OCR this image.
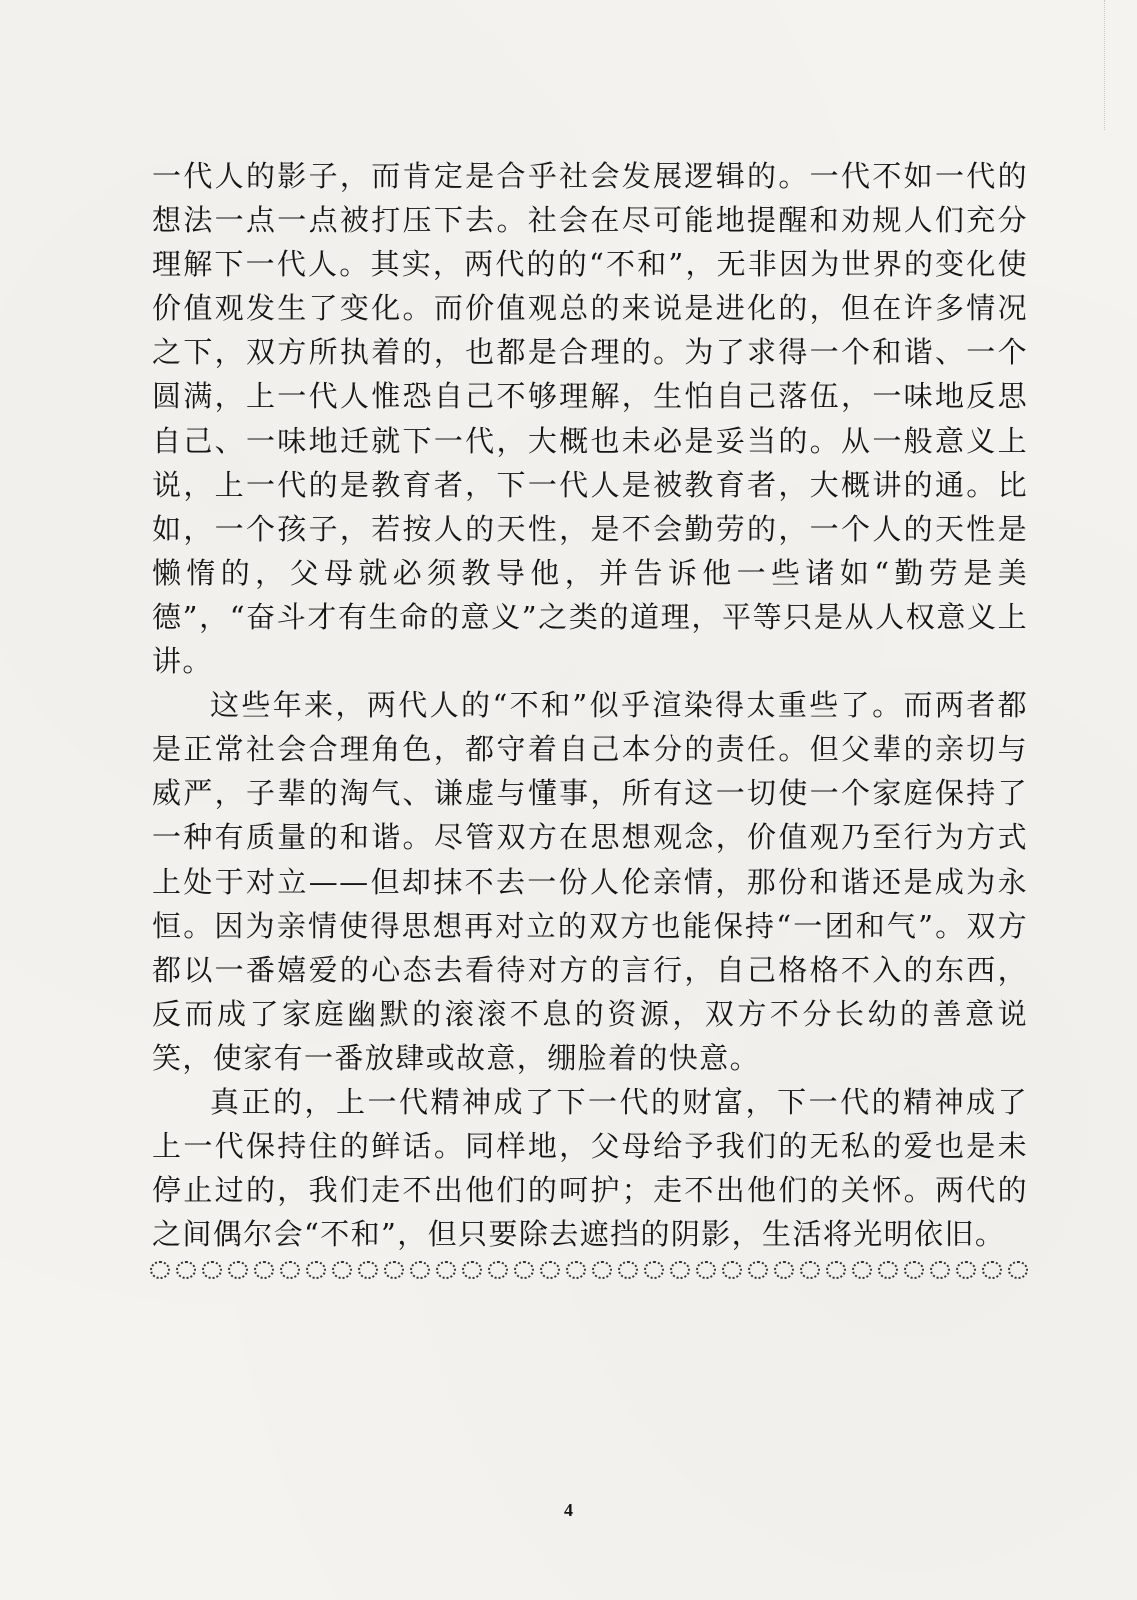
一代人的影子，而肯定是合乎社会发展逻辑的。一代不如一代的想法一点一点被打压下去。社会在尽可能地提醒和劝规人们充分理解下一代人。其实，两代的的“不和”，无非因为世界的变化使价值观发生了变化。而价值观总的来说是进化的，但在许多情况之下，双方所执着的，也都是合理的。为了求得一个和谐、一个圆满，上一代人惟恐自己不够理解，生怕自己落伍，一味地反思自己、一味地迁就下一代，大概也未必是妥当的。从一般意义上说，上一代的是教育者，下一代人是被教育者，大概讲的通。比如，一个孩子，若按人的天性，是不会勤劳的，一个人的天性是懒惰的，父母就必须教导他，并告诉他一些诸如“勤劳是美德”，“奋斗才有生命的意义”之类的道理，平等只是从人权意义上讲。

这些年来，两代人的“不和”似乎渲染得太重些了。而两者都是正常社会合理角色，都守着自己本分的责任。但父辈的亲切与威严，子辈的淘气、谦虚与懂事，所有这一切使一个家庭保持了一种有质量的和谐。尽管双方在思想观念，价值观乃至行为方式上处于对立——但却抹不去一份人伦亲情，那份和谐还是成为永恒。因为亲情使得思想再对立的双方也能保持“一团和气”。双方都以一番嬉爱的心态去看待对方的言行，自己格格不入的东西，反而成了家庭幽默的滚滚不息的资源，双方不分长幼的善意说笑，使家有一番放肆或故意，绷脸着的快意。

真正的，上一代精神成了下一代的财富，下一代的精神成了上一代保持住的鲜话。同样地，父母给予我们的无私的爱也是未停止过的，我们走不出他们的呵护；走不出他们的关怀。两代的之间偶尔会“不和”，但只要除去遮挡的阴影，生活将光明依旧。

4
